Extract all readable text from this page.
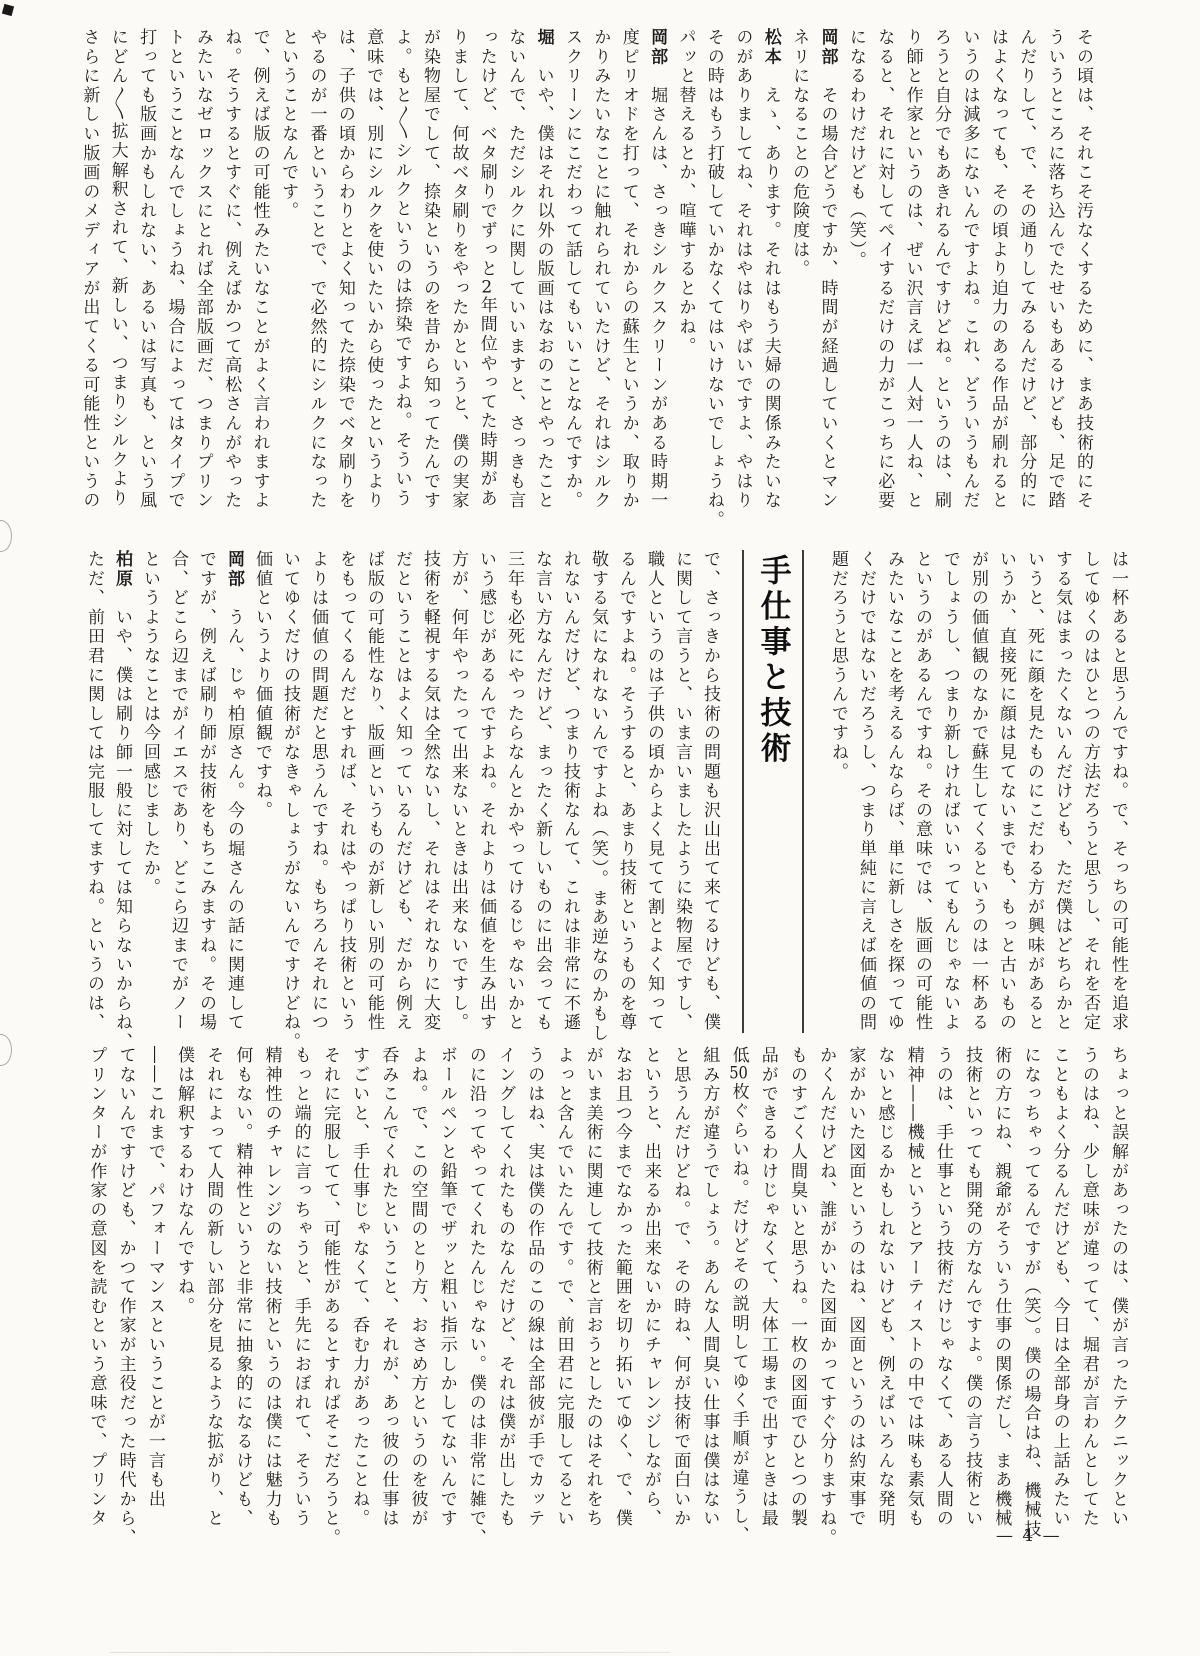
その頃は、それこそ汚なくするために、まあ技術的にそ
ういうところに落ち込んでたせいもあるけども、足で踏
んだりして、で、その通りしてみるんだけど、部分的に
はよくなっても、その頃より迫力のある作品が刷れると
いうのは減多にないんですよね。これ、どういうもんだ
ろうと自分でもあきれるんですけどね。というのは、刷
り師と作家というのは、ぜい沢言えば一人対一人ね、と
なると、それに対してペイするだけの力がこっちに必要
になるわけだけども（笑）。
岡部　その場合どうですか、時間が経過していくとマン
ネリになることの危険度は。
松本　えゝ、あります。それはもう夫婦の関係みたいな
のがありましてね、それはやはりやばいですよ、やはり
その時はもう打破していかなくてはいけないでしょうね。
パッと替えるとか、喧嘩するとかね。
岡部　堀さんは、さっきシルクスクリーンがある時期一
度ピリオドを打って、それからの蘇生というか、取りか
かりみたいなことに触れられていたけど、それはシルク
スクリーンにこだわって話してもいいことなんですか。
堀　いや、僕はそれ以外の版画はなおのことやったこと
ないんで、ただシルクに関していいますと、さっきも言
ったけど、ベタ刷りでずっと2年間位やってた時期があ
りまして、何故ベタ刷りをやったかというと、僕の実家
が染物屋でして、捺染というのを昔から知ってたんです
よ。もと〳〵シルクというのは捺染ですよね。そういう
意味では、別にシルクを使いたいから使ったというより
は、子供の頃からわりとよく知ってた捺染でベタ刷りを
やるのが一番ということで、で必然的にシルクになった
ということなんです。
で、例えば版の可能性みたいなことがよく言われますよ
ね。そうするとすぐに、例えばかつて高松さんがやった
みたいなゼロックスにとれば全部版画だ、つまりプリン
トということなんでしょうね、場合によってはタイプで
打っても版画かもしれない、あるいは写真も、という風
にどん〳〵拡大解釈されて、新しい、つまりシルクより
さらに新しい版画のメディアが出てくる可能性というの
は一杯あると思うんですね。で、そっちの可能性を追求
してゆくのはひとつの方法だろうと思うし、それを否定
する気はまったくないんだけども、ただ僕はどちらかと
いうと、死に顔を見たものにこだわる方が興味があると
いうか、直接死に顔は見てないまでも、もっと古いもの
が別の価値観のなかで蘇生してくるというのは一杯ある
でしょうし、つまり新しければいいってもんじゃないよ
というのがあるんですね。その意味では、版画の可能性
みたいなことを考えるんならば、単に新しさを探ってゆ
くだけではないだろうし、つまり単純に言えば価値の問
題だろうと思うんですね。
手仕事と技術
で、さっきから技術の問題も沢山出て来てるけども、僕
に関して言うと、いま言いましたように染物屋ですし、
職人というのは子供の頃からよく見てて割とよく知って
るんですよね。そうすると、あまり技術というものを尊
敬する気になれないんですよね（笑）。まあ逆なのかもし
れないんだけど、つまり技術なんて、これは非常に不遜
な言い方なんだけど、まったく新しいものに出会っても
三年も必死にやったらなんとかやってけるじゃないかと
いう感じがあるんですよね。それよりは価値を生み出す
方が、何年やったって出来ないときは出来ないですし。
技術を軽視する気は全然ないし、それはそれなりに大変
だということはよく知っているんだけども、だから例え
ば版の可能性なり、版画というものが新しい別の可能性
をもってくるんだとすれば、それはやっぱり技術という
よりは価値の問題だと思うんですね。もちろんそれにつ
いてゆくだけの技術がなきゃしょうがないんですけどね。
価値というより価値観ですね。
岡部　うん、じゃ柏原さん。今の堀さんの話に関連して
ですが、例えば刷り師が技術をもちこみますね。その場
合、どこら辺までがイエスであり、どこら辺までがノー
というようなことは今回感じましたか。
柏原　いや、僕は刷り師一般に対しては知らないからね、
ただ、前田君に関しては完服してますね。というのは、
ちょっと誤解があったのは、僕が言ったテクニックとい
うのはね、少し意味が違ってて、堀君が言わんとしてた
こともよく分るんだけども、今日は全部身の上話みたい
になっちゃってるんですが（笑）。僕の場合はね、機械技
術の方にね、親爺がそういう仕事の関係だし、まあ機械
技術といっても開発の方なんですよ。僕の言う技術とい
うのは、手仕事という技術だけじゃなくて、ある人間の
精神――機械というとアーティストの中では味も素気も
ないと感じるかもしれないけども、例えばいろんな発明
家がかいた図面というのはね、図面というのは約束事で
かくんだけどね、誰がかいた図面かってすぐ分りますね。
ものすごく人間臭いと思うね。一枚の図面でひとつの製
品ができるわけじゃなくて、大体工場まで出すときは最
低50枚ぐらいね。だけどその説明してゆく手順が違うし、
組み方が違うでしょう。あんな人間臭い仕事は僕はない
と思うんだけどね。で、その時ね、何が技術で面白いか
というと、出来るか出来ないかにチャレンジしながら、
なお且つ今までなかった範囲を切り拓いてゆく、で、僕
がいま美術に関連して技術と言おうとしたのはそれをち
よっと含んでいたんです。で、前田君に完服してるとい
うのはね、実は僕の作品のこの線は全部彼が手でカッテ
イングしてくれたものなんだけど、それは僕が出したも
のに沿ってやってくれたんじゃない。僕のは非常に雑で、
ボールペンと鉛筆でザッと粗い指示しかしてないんです
よね。で、この空間のとり方、おさめ方というのを彼が
呑みこんでくれたということ、それが、あっ彼の仕事は
すごいと、手仕事じゃなくて、呑む力があったことね。
それに完服してて、可能性があるとすればそこだろうと。
もっと端的に言っちゃうと、手先におぼれて、そういう
精神性のチャレンジのない技術というのは僕には魅力も
何もない。精神性というと非常に抽象的になるけども、
それによって人間の新しい部分を見るような拡がり、と
僕は解釈するわけなんですね。
――これまで、パフォーマンスということが一言も出
てないんですけども、かつて作家が主役だった時代から、
プリンターが作家の意図を読むという意味で、プリンタ
— 4 —
